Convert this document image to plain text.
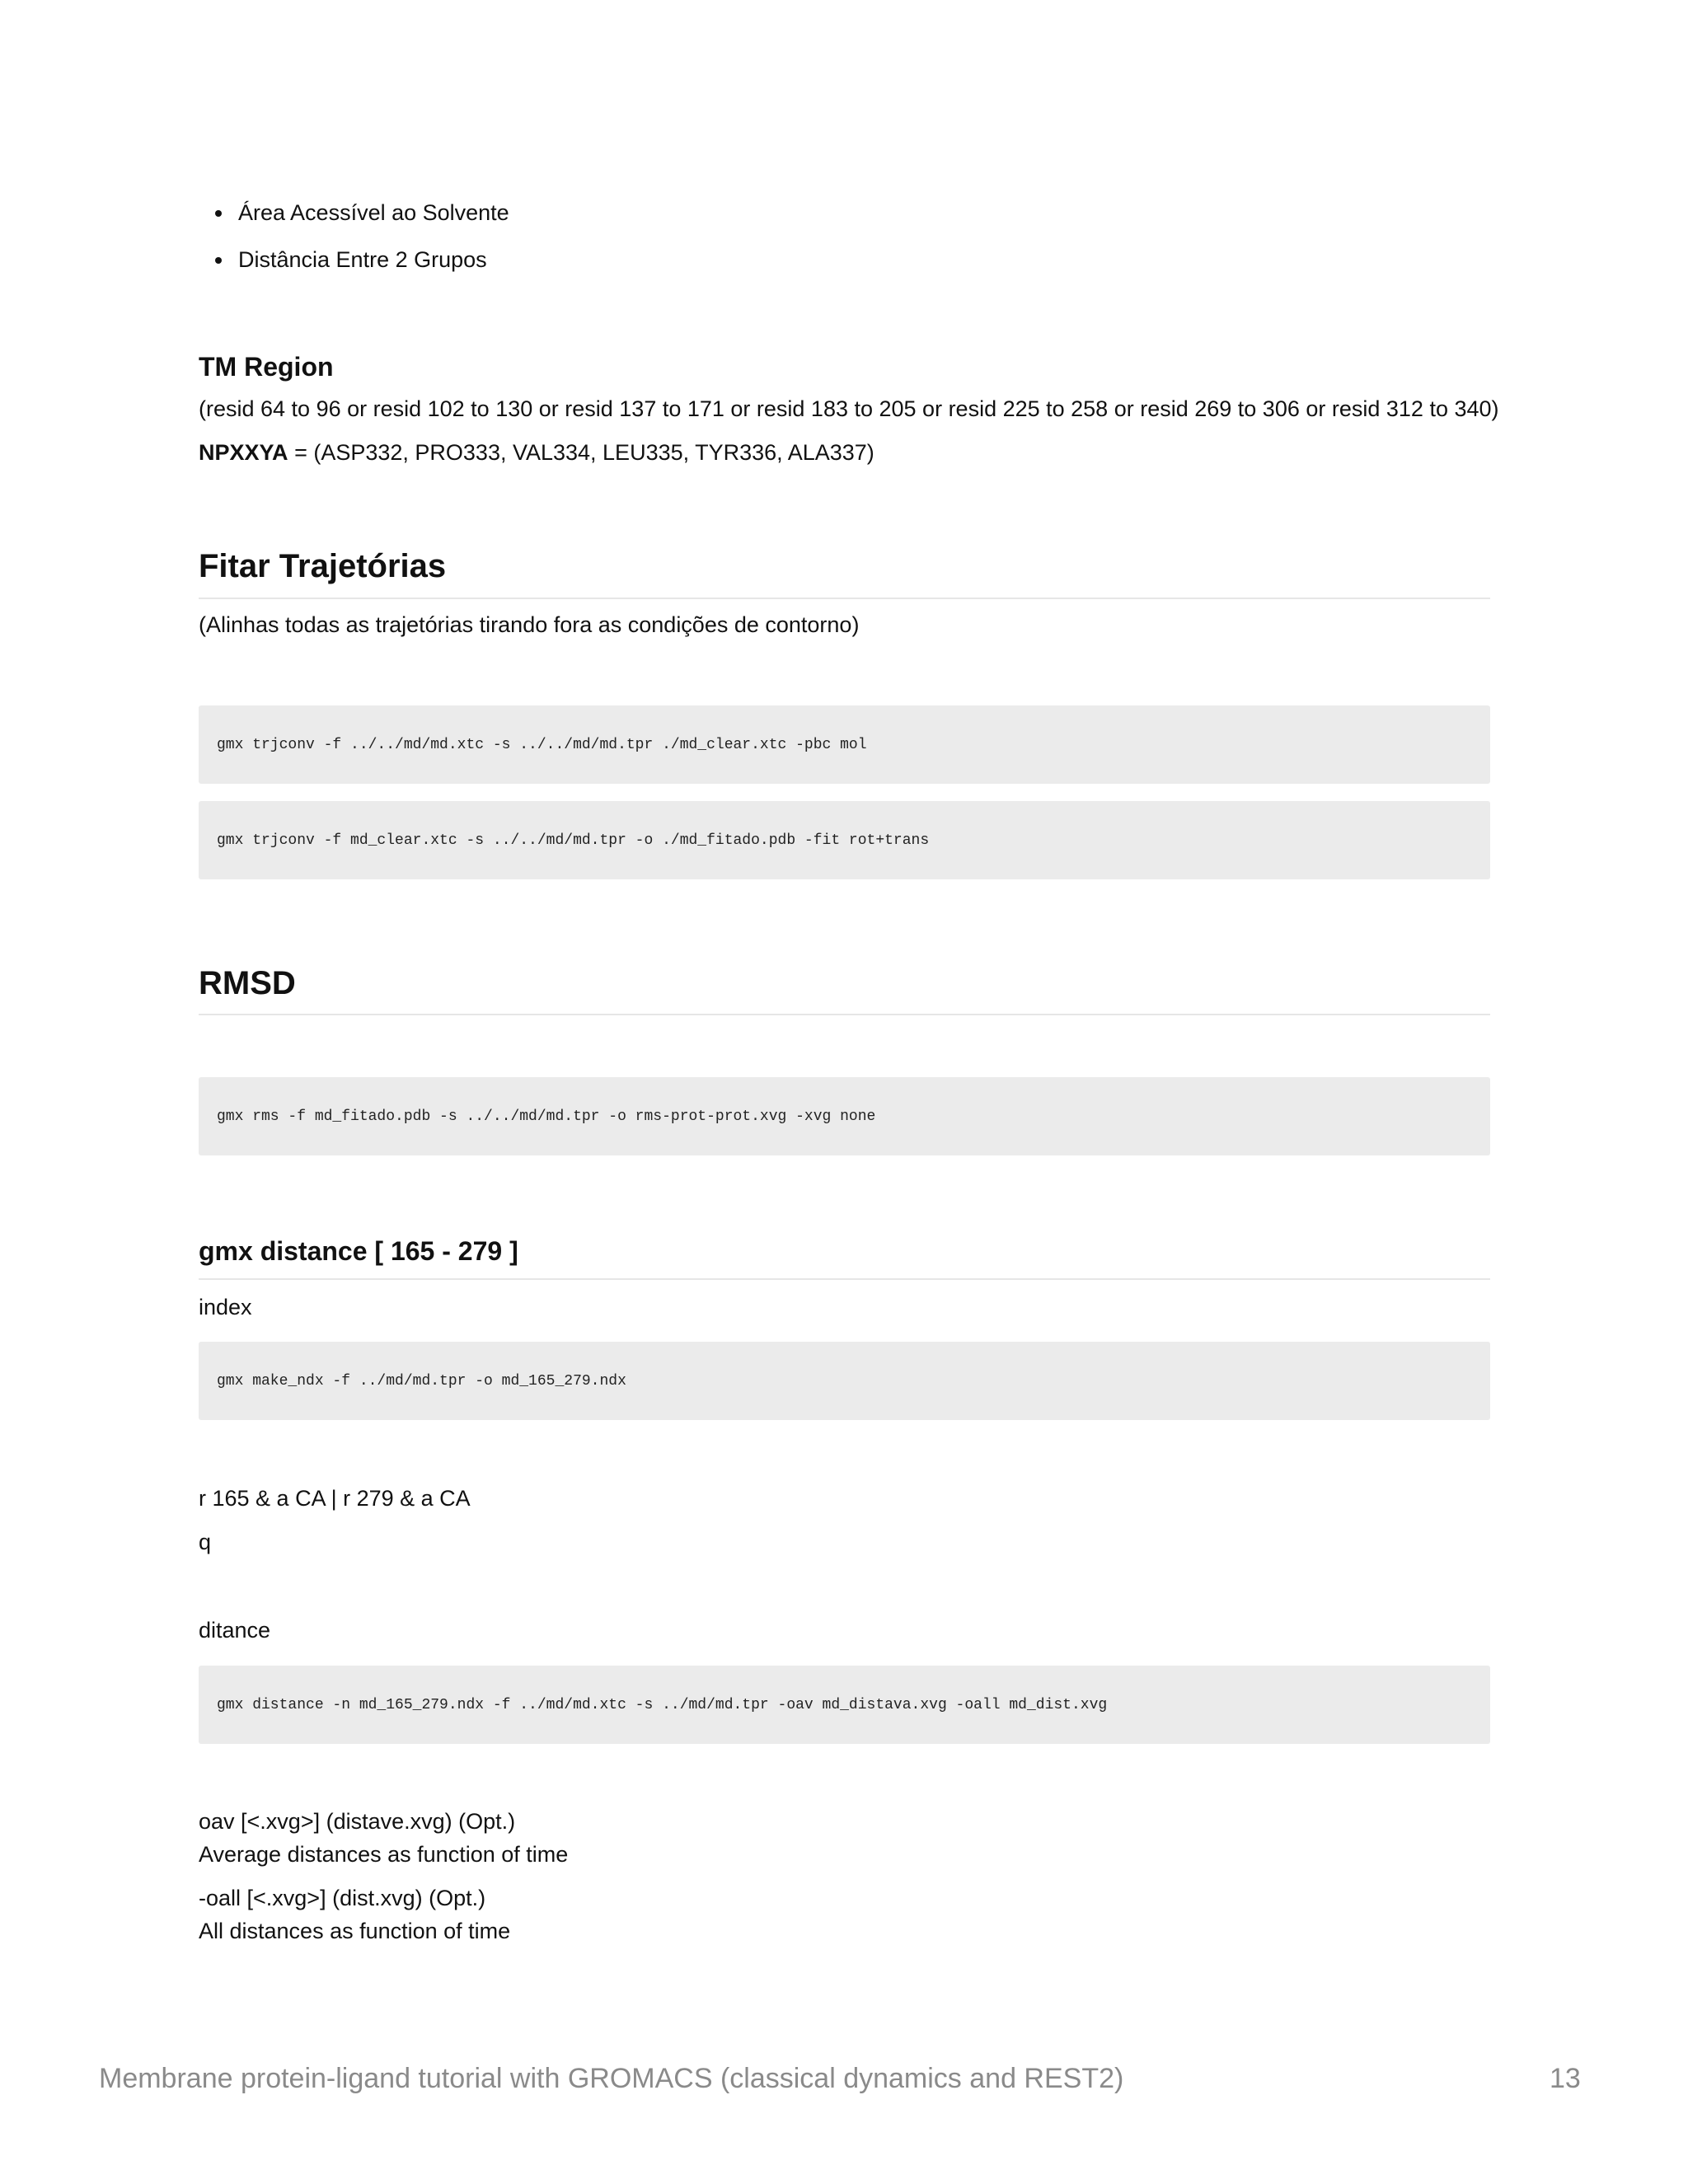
Área Acessível ao Solvente
Distância Entre 2 Grupos
TM Region
(resid 64 to 96 or resid 102 to 130 or resid 137 to 171 or resid 183 to 205 or resid 225 to 258 or resid 269 to 306 or resid 312 to 340)
NPXXYA = (ASP332, PRO333, VAL334, LEU335, TYR336, ALA337)
Fitar Trajetórias
(Alinhas todas as trajetórias tirando fora as condições de contorno)
gmx trjconv -f ../../md/md.xtc -s ../../md/md.tpr ./md_clear.xtc -pbc mol
gmx trjconv -f md_clear.xtc -s ../../md/md.tpr -o ./md_fitado.pdb -fit rot+trans
RMSD
gmx rms -f md_fitado.pdb -s ../../md/md.tpr -o rms-prot-prot.xvg -xvg none
gmx distance [ 165 - 279 ]
index
gmx make_ndx -f ../md/md.tpr -o md_165_279.ndx
r 165 & a CA | r 279 & a CA
q
ditance
gmx distance -n md_165_279.ndx -f ../md/md.xtc -s ../md/md.tpr -oav md_distava.xvg -oall md_dist.xvg
oav [<.xvg>] (distave.xvg) (Opt.)
Average distances as function of time
-oall [<.xvg>] (dist.xvg) (Opt.)
All distances as function of time
Membrane protein-ligand tutorial with GROMACS (classical dynamics and REST2)	13
